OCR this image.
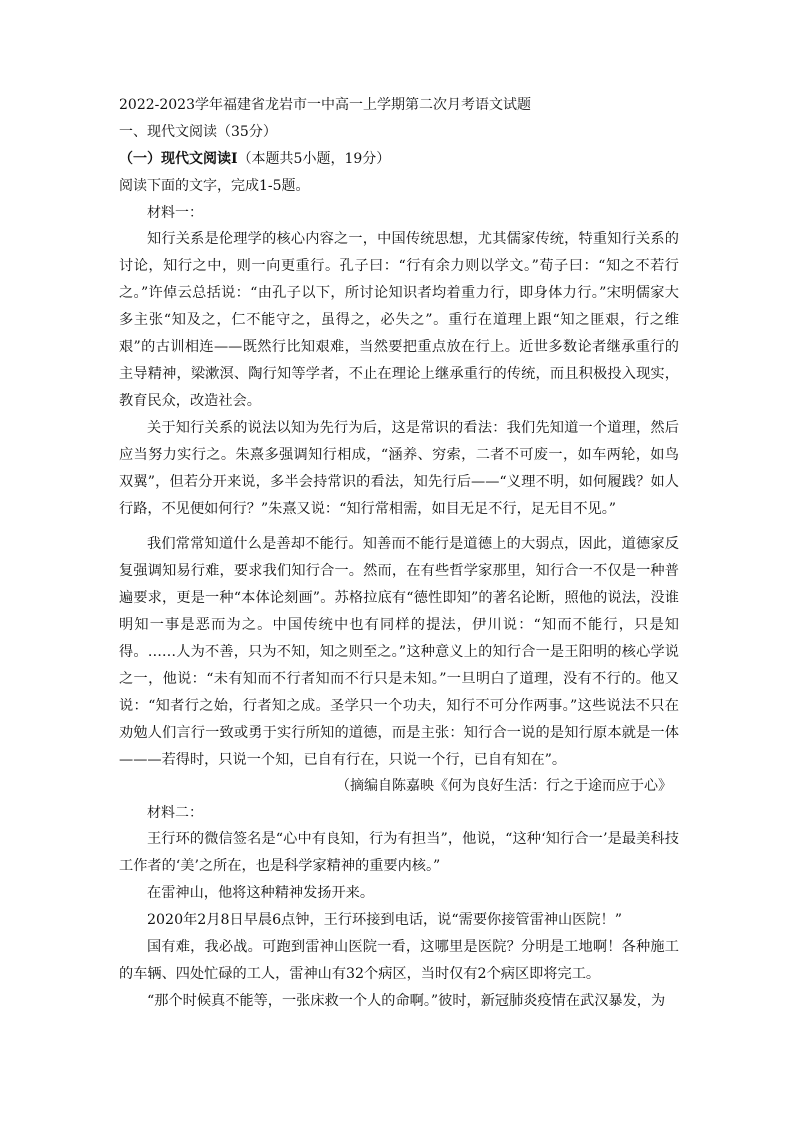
2022-2023学年福建省龙岩市一中高一上学期第二次月考语文试题
一、现代文阅读（35分）
（一）现代文阅读Ⅰ（本题共5小题，19分）
阅读下面的文字，完成1-5题。
材料一：

知行关系是伦理学的核心内容之一，中国传统思想，尤其儒家传统，特重知行关系的讨论，知行之中，则一向更重行。孔子曰：“行有余力则以学文。”荀子曰：“知之不若行之。”许倬云总括说：“由孔子以下，所讨论知识者均着重力行，即身体力行。”宋明儒家大多主张“知及之，仁不能守之，虽得之，必失之”。重行在道理上跟“知之匪艰，行之维艰”的古训相连——既然行比知艰难，当然要把重点放在行上。近世多数论者继承重行的主导精神，梁漱溟、陶行知等学者，不止在理论上继承重行的传统，而且积极投入现实，教育民众，改造社会。

关于知行关系的说法以知为先行为后，这是常识的看法：我们先知道一个道理，然后应当努力实行之。朱熹多强调知行相成，“涵养、穷索，二者不可废一，如车两轮，如鸟双翼”，但若分开来说，多半会持常识的看法，知先行后——“义理不明，如何履践？如人行路，不见便如何行？”朱熹又说：“知行常相需，如目无足不行，足无目不见。”

我们常常知道什么是善却不能行。知善而不能行是道德上的大弱点，因此，道德家反复强调知易行难，要求我们知行合一。然而，在有些哲学家那里，知行合一不仅是一种普遍要求，更是一种“本体论刻画”。苏格拉底有“德性即知”的著名论断，照他的说法，没谁明知一事是恶而为之。中国传统中也有同样的提法，伊川说：“知而不能行，只是知得。……人为不善，只为不知，知之则至之。”这种意义上的知行合一是王阳明的核心学说之一，他说：“未有知而不行者知而不行只是未知。”一旦明白了道理，没有不行的。他又说：“知者行之始，行者知之成。圣学只一个功夫，知行不可分作两事。”这些说法不只在劝勉人们言行一致或勇于实行所知的道德，而是主张：知行合一说的是知行原本就是一体———若得时，只说一个知，已自有行在，只说一个行，已自有知在”。

（摘编自陈嘉映《何为良好生活：行之于途而应于心》
材料二：

王行环的微信签名是“心中有良知，行为有担当”，他说，“这种‘知行合一’是最美科技工作者的‘美’之所在，也是科学家精神的重要内核。”

在雷神山，他将这种精神发扬开来。

2020年2月8日早晨6点钟，王行环接到电话，说“需要你接管雷神山医院！”

国有难，我必战。可跑到雷神山医院一看，这哪里是医院？分明是工地啊！各种施工的车辆、四处忙碌的工人，雷神山有32个病区，当时仅有2个病区即将完工。

“那个时候真不能等，一张床救一个人的命啊。”彼时，新冠肺炎疫情在武汉暴发，为
